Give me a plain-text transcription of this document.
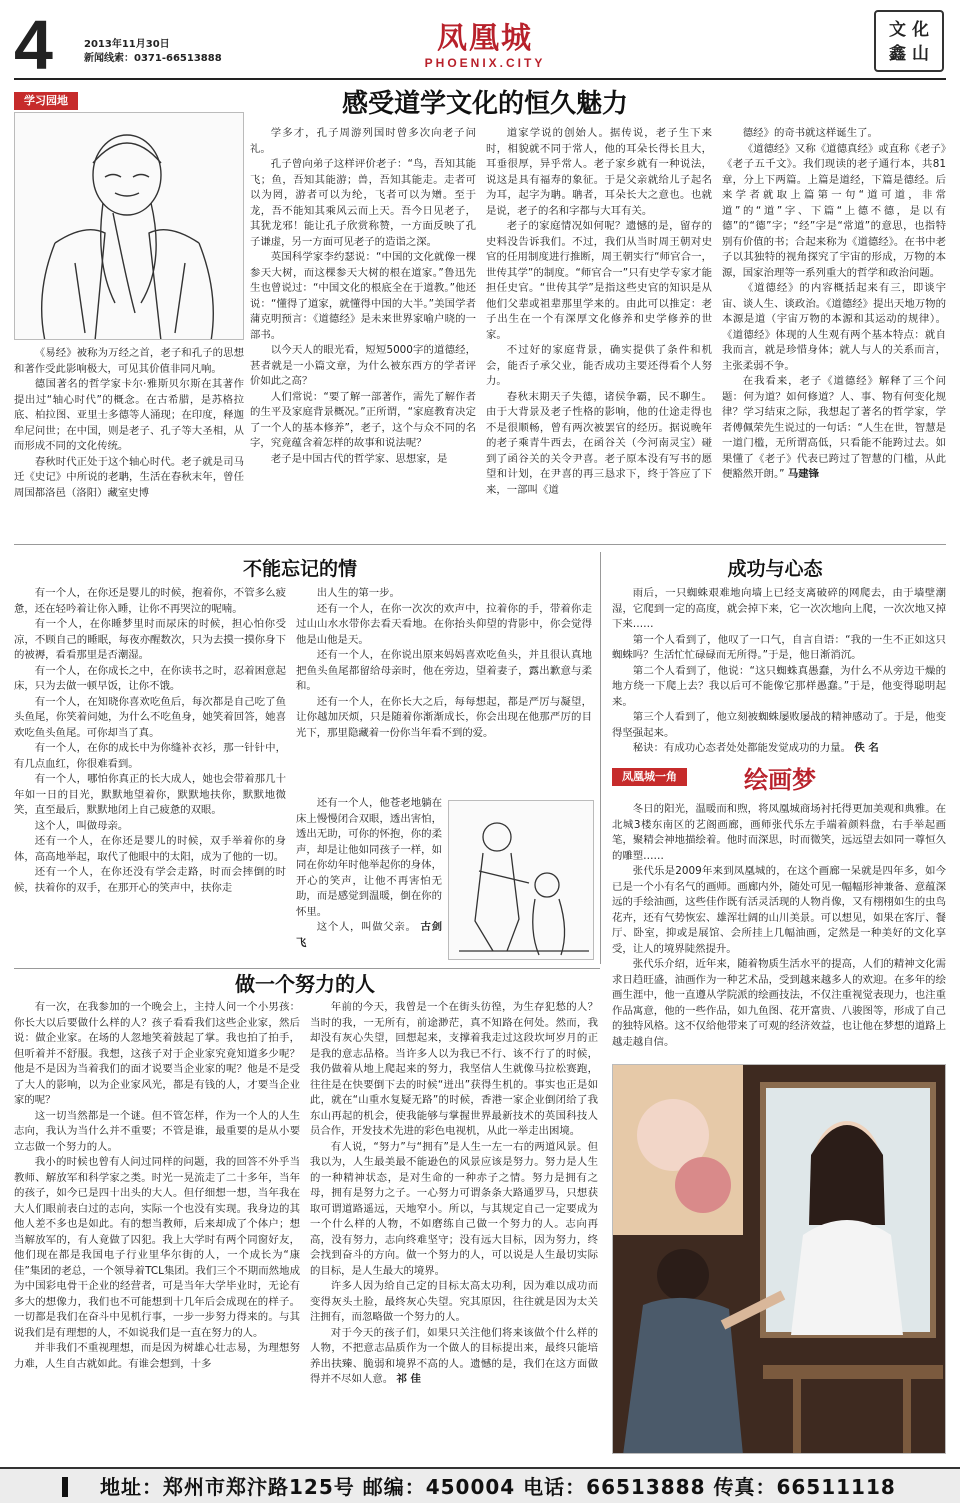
4	2013年11月30日
新闻线索：0371-66513888
凤凰城
PHOENIX.CITY
文 化
鑫 山
学习园地	感受道学文化的恒久魅力

《易经》被称为万经之首，老子和孔子的思想和著作受此影响极大，可见其价值非同凡响。

德国著名的哲学家卡尔·雅斯贝尔斯在其著作提出过“轴心时代”的概念。在古希腊，是苏格拉底、柏拉图、亚里士多德等人涌现；在印度，释迦牟尼问世；在中国，则是老子、孔子等大圣相，从而形成不同的文化传统。

春秋时代正处于这个轴心时代。老子就是司马迁《史记》中所说的老聃，生活在春秋末年，曾任周国都洛邑（洛阳）藏室史博

学多才，孔子周游列国时曾多次向老子问礼。

孔子曾向弟子这样评价老子：“鸟，吾知其能飞；鱼，吾知其能游；兽，吾知其能走。走者可以为罔，游者可以为纶，飞者可以为矰。至于龙，吾不能知其乘风云而上天。吾今日见老子，其犹龙邪！能让孔子欣赏称赞，一方面反映了孔子谦虚，另一方面可见老子的造诣之深。

英国科学家李约瑟说：“中国的文化就像一棵参天大树，而这棵参天大树的根在道家。”鲁迅先生也曾说过：“中国文化的根底全在于道教。”他还说：“懂得了道家，就懂得中国的大半。”美国学者蒲克明预言：《道德经》是未来世界家喻户晓的一部书。

以今天人的眼光看，短短5000字的道德经，甚者就是一小篇文章，为什么被东西方的学者评价如此之高？

人们常说：“要了解一部著作，需先了解作者的生平及家庭背景概况。”正所谓，“家庭教育决定了一个人的基本修养”，老子，这个与众不同的名字，究竟蕴含着怎样的故事和说法呢？

老子是中国古代的哲学家、思想家，是

道家学说的创始人。据传说，老子生下来时，相貌就不同于常人，他的耳朵长得长且大，耳垂很厚，异乎常人。老子家乡就有一种说法，说这是具有福寿的象征。于是父亲就给儿子起名为耳，起字为聃。聃者，耳朵长大之意也。也就是说，老子的名和字都与大耳有关。

老子的家庭情况如何呢？遗憾的是，留存的史料没告诉我们。不过，我们从当时周王朝对史官的任用制度进行推断，周王朝实行“师官合一，世传其学”的制度。“师官合一”只有史学专家才能担任史官。“世传其学”是指这些史官的知识是从他们父辈或祖辈那里学来的。由此可以推定：老子出生在一个有深厚文化修养和史学修养的世家。

不过好的家庭背景，确实提供了条件和机会，能否子承父业，能否成功主要还得看个人努力。

春秋末期天子失德，诸侯争霸，民不聊生。由于大背景及老子性格的影响，他的仕途走得也不是很顺畅，曾有两次被罢官的经历。据说晚年的老子乘青牛西去，在函谷关（今河南灵宝）碰到了函谷关的关令尹喜。老子原本没有写书的愿望和计划，在尹喜的再三恳求下，终于答应了下来，一部叫《道

德经》的奇书就这样诞生了。

《道德经》又称《道德真经》或直称《老子》《老子五千文》。我们现读的老子通行本，共81章，分上下两篇。上篇是道经，下篇是德经。后来学者就取上篇第一句“道可道，非常道”的“道”字、下篇“上德不德，是以有德”的“德”字；“经”字是“常道”的意思，也指特别有价值的书；合起来称为《道德经》。在书中老子以其独特的视角探究了宇宙的形成，万物的本源，国家治理等一系列重大的哲学和政治问题。

《道德经》的内容概括起来有三，即谈宇宙、谈人生、谈政治。《道德经》提出天地万物的本源是道（宇宙万物的本源和其运动的规律）。《道德经》体现的人生观有两个基本特点：就自我而言，就是珍惜身体；就人与人的关系而言，主张柔弱不争。

在我看来，老子《道德经》解释了三个问题：何为道？如何修道？人、事、物有何变化规律？学习结束之际，我想起了著名的哲学家，学者傅佩荣先生说过的一句话：“人生在世，智慧是一道门槛，无所谓高低，只看能不能跨过去。如果懂了《老子》代表已跨过了智慧的门槛，从此便豁然开朗。” 马建锋

不能忘记的情

有一个人，在你还是婴儿的时候，抱着你，不管多么疲惫，还在轻吟着让你入睡，让你不再哭泣的呢喃。

有一个人，在你睡梦里时而尿床的时候，担心怕你受凉，不顾自己的睡眠，每夜亦醒数次，只为去摸一摸你身下的被褥，看看那里是否潮湿。

有一个人，在你成长之中，在你读书之时，忍着困意起床，只为去做一顿早饭，让你不饿。

有一个人，在知晓你喜欢吃鱼后，每次都是自己吃了鱼头鱼尾，你笑着问她，为什么不吃鱼身，她笑着回答，她喜欢吃鱼头鱼尾。可你却当了真。

有一个人，在你的成长中为你缝补衣衫，那一针针中，有几点血红，你很难看到。

有一个人，哪怕你真正的长大成人，她也会带着那几十年如一日的目光，默默地望着你，默默地扶你，默默地微笑，直至最后，默默地闭上自己疲惫的双眼。

这个人，叫做母亲。

还有一个人，在你还是婴儿的时候，双手举着你的身体，高高地举起，取代了他眼中的太阳，成为了他的一切。

还有一个人，在你还没有学会走路，时而会摔倒的时候，扶着你的双手，在那开心的笑声中，扶你走

出人生的第一步。

还有一个人，在你一次次的欢声中，拉着你的手，带着你走过山山水水带你去看天看地。在你抬头仰望的背影中，你会觉得他是山他是天。

还有一个人，在你说出原来妈妈喜欢吃鱼头，并且很认真地把鱼头鱼尾都留给母亲时，他在旁边，望着妻子，露出歉意与柔和。

还有一个人，在你长大之后，每每想起，都是严厉与凝望，让你越加厌烦，只是随着你渐渐成长，你会出现在他那严厉的目光下，那里隐藏着一份你当年看不到的爱。

还有一个人，他苍老地躺在床上慢慢闭合双眼，透出害怕，透出无助，可你的怀抱，你的柔声，却是让他如同孩子一样，如同在你幼年时他举起你的身体，开心的笑声，让他不再害怕无助，而是感觉到温暖，倒在你的怀里。

这个人，叫做父亲。 古剑飞

成功与心态

雨后，一只蜘蛛艰难地向墙上已经支离破碎的网爬去，由于墙壁潮湿，它爬到一定的高度，就会掉下来，它一次次地向上爬，一次次地又掉下来……

第一个人看到了，他叹了一口气，自言自语：“我的一生不正如这只蜘蛛吗？生活忙忙碌碌而无所得。”于是，他日渐消沉。

第二个人看到了，他说：“这只蜘蛛真愚蠢，为什么不从旁边干燥的地方绕一下爬上去？我以后可不能像它那样愚蠢。”于是，他变得聪明起来。

第三个人看到了，他立刻被蜘蛛屡败屡战的精神感动了。于是，他变得坚强起来。

秘诀：有成功心态者处处都能发觉成功的力量。 佚 名

凤凰城一角	绘画梦

冬日的阳光，温暖而和煦，将凤凰城商场衬托得更加美观和典雅。在北城3楼东南区的艺阁画廊，画师张代乐左手端着颜料盘，右手举起画笔，聚精会神地描绘着。他时而深思，时而微笑，远远望去如同一尊恒久的雕塑……

张代乐是2009年来到凤凰城的，在这个画廊一呆就是四年多，如今已是一个小有名气的画师。画廊内外，随处可见一幅幅形神兼备、意蕴深远的手绘油画，这些佳作既有活灵活现的人物肖像，又有栩栩如生的虫鸟花卉，还有气势恢宏、雄浑壮阔的山川美景。可以想见，如果在客厅、餐厅、卧室，抑或是展馆、会所挂上几幅油画，定然是一种美好的文化享受，让人的境界陡然提升。

张代乐介绍，近年来，随着物质生活水平的提高，人们的精神文化需求日趋旺盛，油画作为一种艺术品，受到越来越多人的欢迎。在多年的绘画生涯中，他一直遵从学院派的绘画技法，不仅注重视觉表现力，也注重作品寓意，他的一些作品，如九鱼图、花开富贵、八骏图等，形成了自己的独特风格。这不仅给他带来了可观的经济效益，也让他在梦想的道路上越走越自信。

做一个努力的人

有一次，在我参加的一个晚会上，主持人问一个小男孩：你长大以后要做什么样的人？孩子看看我们这些企业家，然后说：做企业家。在场的人忽地笑着鼓起了掌。我也拍了拍手，但听着并不舒服。我想，这孩子对于企业家究竟知道多少呢？他是不是因为当着我们的面才说要当企业家的呢？他是不是受了大人的影响，以为企业家风光，都是有钱的人，才要当企业家的呢？

这一切当然都是一个谜。但不管怎样，作为一个人的人生志向，我认为当什么并不重要；不管是谁，最重要的是从小要立志做一个努力的人。

我小的时候也曾有人问过同样的问题，我的回答不外乎当教师、解放军和科学家之类。时光一晃流走了二十多年，当年的孩子，如今已是四十出头的大人。但仔细想一想，当年我在大人们眼前表白过的志向，实际一个也没有实现。我身边的其他人差不多也是如此。有的想当教师，后来却成了个体户；想当解放军的，有人竟做了囚犯。我上大学时有两个同窗好友，他们现在都是我国电子行业里华尔街的人，一个成长为“康佳”集团的老总，一个领导着TCL集团。我们三个不期而然地成为中国彩电骨干企业的经营者，可是当年大学毕业时，无论有多大的想像力，我们也不可能想到十几年后会成现在的样子。一切都是我们在奋斗中见机行事，一步一步努力得来的。与其说我们是有理想的人，不如说我们是一直在努力的人。

并非我们不重视理想，而是因为树雄心壮志易，为理想努力难，人生自古就如此。有谁会想到，十多

年前的今天，我曾是一个在街头彷徨，为生存犯愁的人？当时的我，一无所有，前途渺茫，真不知路在何处。然而，我却没有灰心失望，回想起来，支撑着我走过这段坎坷岁月的正是我的意志品格。当许多人以为我已不行、该不行了的时候，我仍做着从地上爬起来的努力，我坚信人生就像马拉松赛跑，往往是在快要倒下去的时候“迸出”获得生机的。事实也正是如此，就在“山重水复疑无路”的时候，香港一家企业倒闭给了我东山再起的机会，使我能够与掌握世界最新技术的英国科技人员合作，开发技术先进的彩色电视机，从此一举走出困境。

有人说，“努力”与“拥有”是人生一左一右的两道风景。但我以为，人生最美最不能逊色的风景应该是努力。努力是人生的一种精神状态，是对生命的一种赤子之情。努力是拥有之母，拥有是努力之子。一心努力可谓条条大路通罗马，只想获取可谓道路遥远，天地窄小。所以，与其规定自己一定要成为一个什么样的人物，不如磨练自己做一个努力的人。志向再高，没有努力，志向终难坚守；没有远大目标，因为努力，终会找到奋斗的方向。做一个努力的人，可以说是人生最切实际的目标，是人生最大的境界。

许多人因为给自己定的目标太高太功利，因为难以成功而变得灰头土脸，最终灰心失望。究其原因，往往就是因为太关注拥有，而忽略做一个努力的人。

对于今天的孩子们，如果只关注他们将来该做个什么样的人物，不把意志品质作为一个做人的目标提出来，最终只能培养出扶臻、脆弱和境界不高的人。遗憾的是，我们在这方面做得并不尽如人意。 祁 佳

地址：郑州市郑汴路125号 邮编：450004 电话：66513888 传真：66511118
